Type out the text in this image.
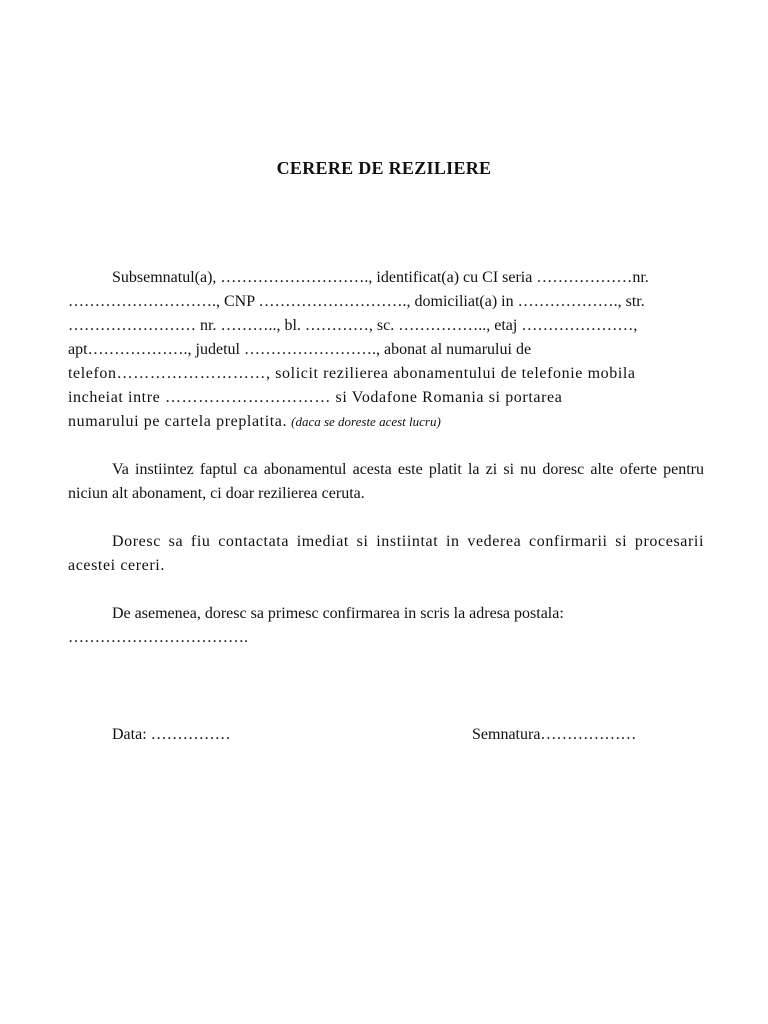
CERERE DE REZILIERE
Subsemnatul(a), ………………………., identificat(a) cu CI seria ………………nr.
………………………., CNP ………………………., domiciliat(a) in ………………., str.
…………………… nr. ……….., bl. …………, sc. …………….., etaj …………………,
apt………………., judetul ……………………., abonat al numarului de
telefon………………………, solicit rezilierea abonamentului de telefonie mobila
incheiat intre ………………………… si Vodafone Romania si portarea
numarului pe cartela preplatita. (daca se doreste acest lucru)
Va instiintez faptul ca abonamentul acesta este platit la zi si nu doresc alte oferte pentru niciun alt abonament, ci doar rezilierea ceruta.
Doresc sa fiu contactata imediat si instiintat in vederea confirmarii si procesarii acestei cereri.
De asemenea, doresc sa primesc confirmarea in scris la adresa postala:
…………………………….
Data: ……………	Semnatura………………
